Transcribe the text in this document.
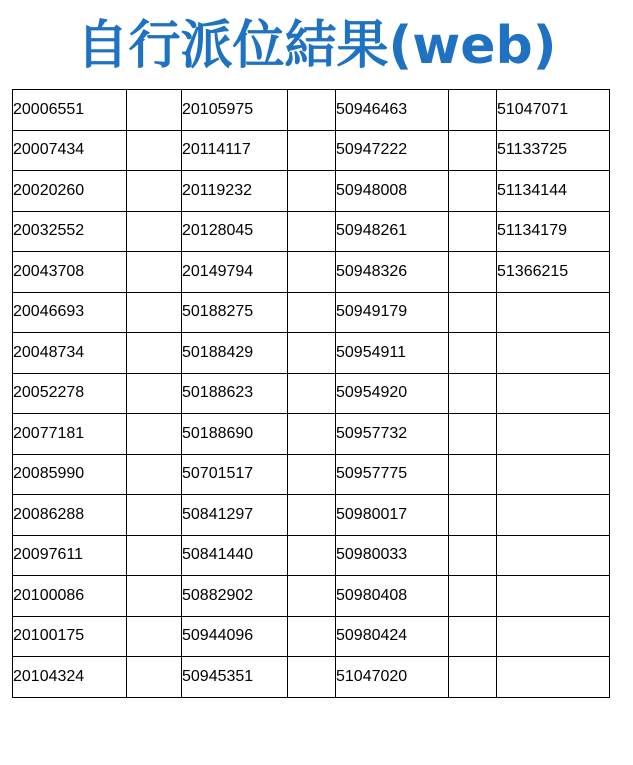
自行派位結果(web)
20006551		20105975		50946463		51047071
20007434		20114117		50947222		51133725
20020260		20119232		50948008		51134144
20032552		20128045		50948261		51134179
20043708		20149794		50948326		51366215
20046693		50188275		50949179		
20048734		50188429		50954911		
20052278		50188623		50954920		
20077181		50188690		50957732		
20085990		50701517		50957775		
20086288		50841297		50980017		
20097611		50841440		50980033		
20100086		50882902		50980408		
20100175		50944096		50980424		
20104324		50945351		51047020		
